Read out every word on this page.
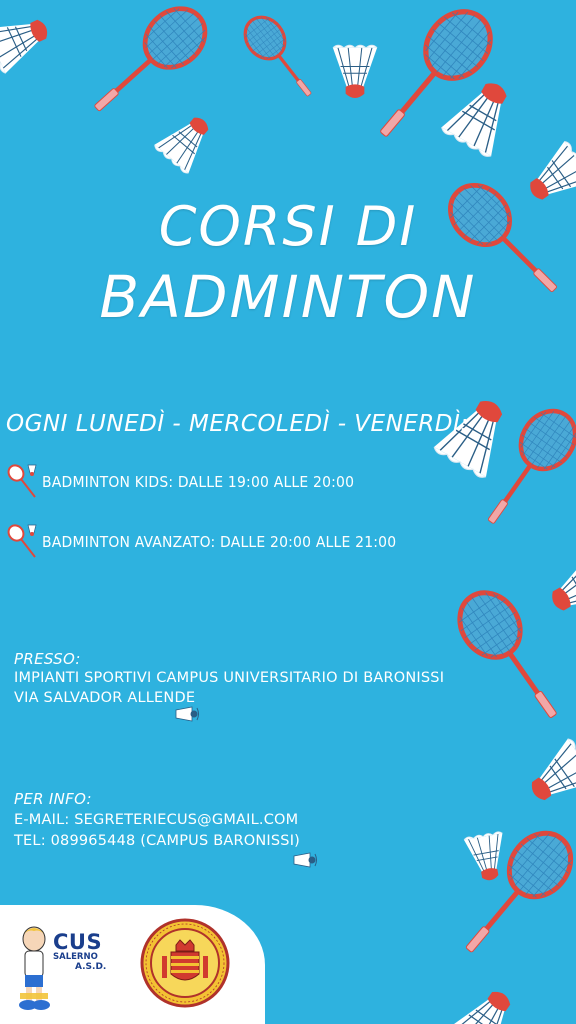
CORSI DI
BADMINTON
OGNI LUNEDÌ - MERCOLEDÌ - VENERDÌ:
BADMINTON KIDS: DALLE 19:00 ALLE 20:00
BADMINTON AVANZATO: DALLE 20:00 ALLE 21:00
PRESSO:
IMPIANTI SPORTIVI CAMPUS UNIVERSITARIO DI BARONISSI
VIA SALVADOR ALLENDE
PER INFO:
E-MAIL: SEGRETERIECUS@GMAIL.COM
TEL: 089965448 (CAMPUS BARONISSI)
CUS
SALERNO
A.S.D.
